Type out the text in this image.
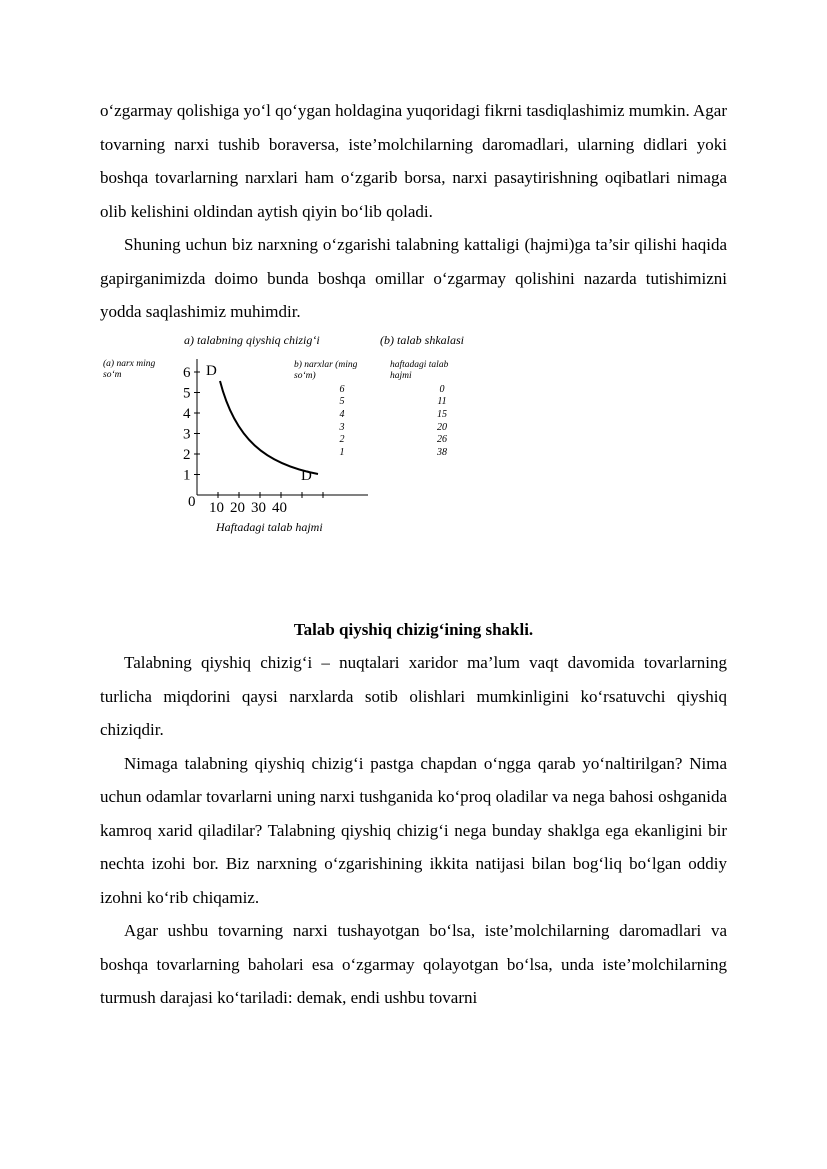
o‘zgarmay qolishiga yo‘l qo‘ygan holdagina yuqoridagi fikrni tasdiqlashimiz mumkin. Agar tovarning narxi tushib boraversa, iste’molchilarning daromadlari, ularning didlari yoki boshqa tovarlarning narxlari ham o‘zgarib borsa, narxi pasaytirishning oqibatlari nimaga olib kelishini oldindan aytish qiyin bo‘lib qoladi.

Shuning uchun biz narxning o‘zgarishi talabning kattaligi (hajmi)ga ta’sir qilishi haqida gapirganimizda doimo bunda boshqa omillar o‘zgarmay qolishini nazarda tutishimizni yodda saqlashimiz muhimdir.

a) talabning qiyshiq chizig‘i	(b) talab shkalasi
(a) narx ming so‘m
1
2
3
4
5
6
10 20 30 40
D
D
0
Haftadagi talab hajmi
b) narxlar (ming so‘m)
haftadagi talab hajmi
6
5
4
3
2
1
0
11
15
20
26
38
Talab qiyshiq chizig‘ining shakli.

Talabning qiyshiq chizig‘i – nuqtalari xaridor ma’lum vaqt davomida tovarlarning turlicha miqdorini qaysi narxlarda sotib olishlari mumkinligini ko‘rsatuvchi qiyshiq chiziqdir.

Nimaga talabning qiyshiq chizig‘i pastga chapdan o‘ngga qarab yo‘naltirilgan? Nima uchun odamlar tovarlarni uning narxi tushganida ko‘proq oladilar va nega bahosi oshganida kamroq xarid qiladilar? Talabning qiyshiq chizig‘i nega bunday shaklga ega ekanligini bir nechta izohi bor. Biz narxning o‘zgarishining ikkita natijasi bilan bog‘liq bo‘lgan oddiy izohni ko‘rib chiqamiz.

Agar ushbu tovarning narxi tushayotgan bo‘lsa, iste’molchilarning daromadlari va boshqa tovarlarning baholari esa o‘zgarmay qolayotgan bo‘lsa, unda iste’molchilarning turmush darajasi ko‘tariladi: demak, endi ushbu tovarni
